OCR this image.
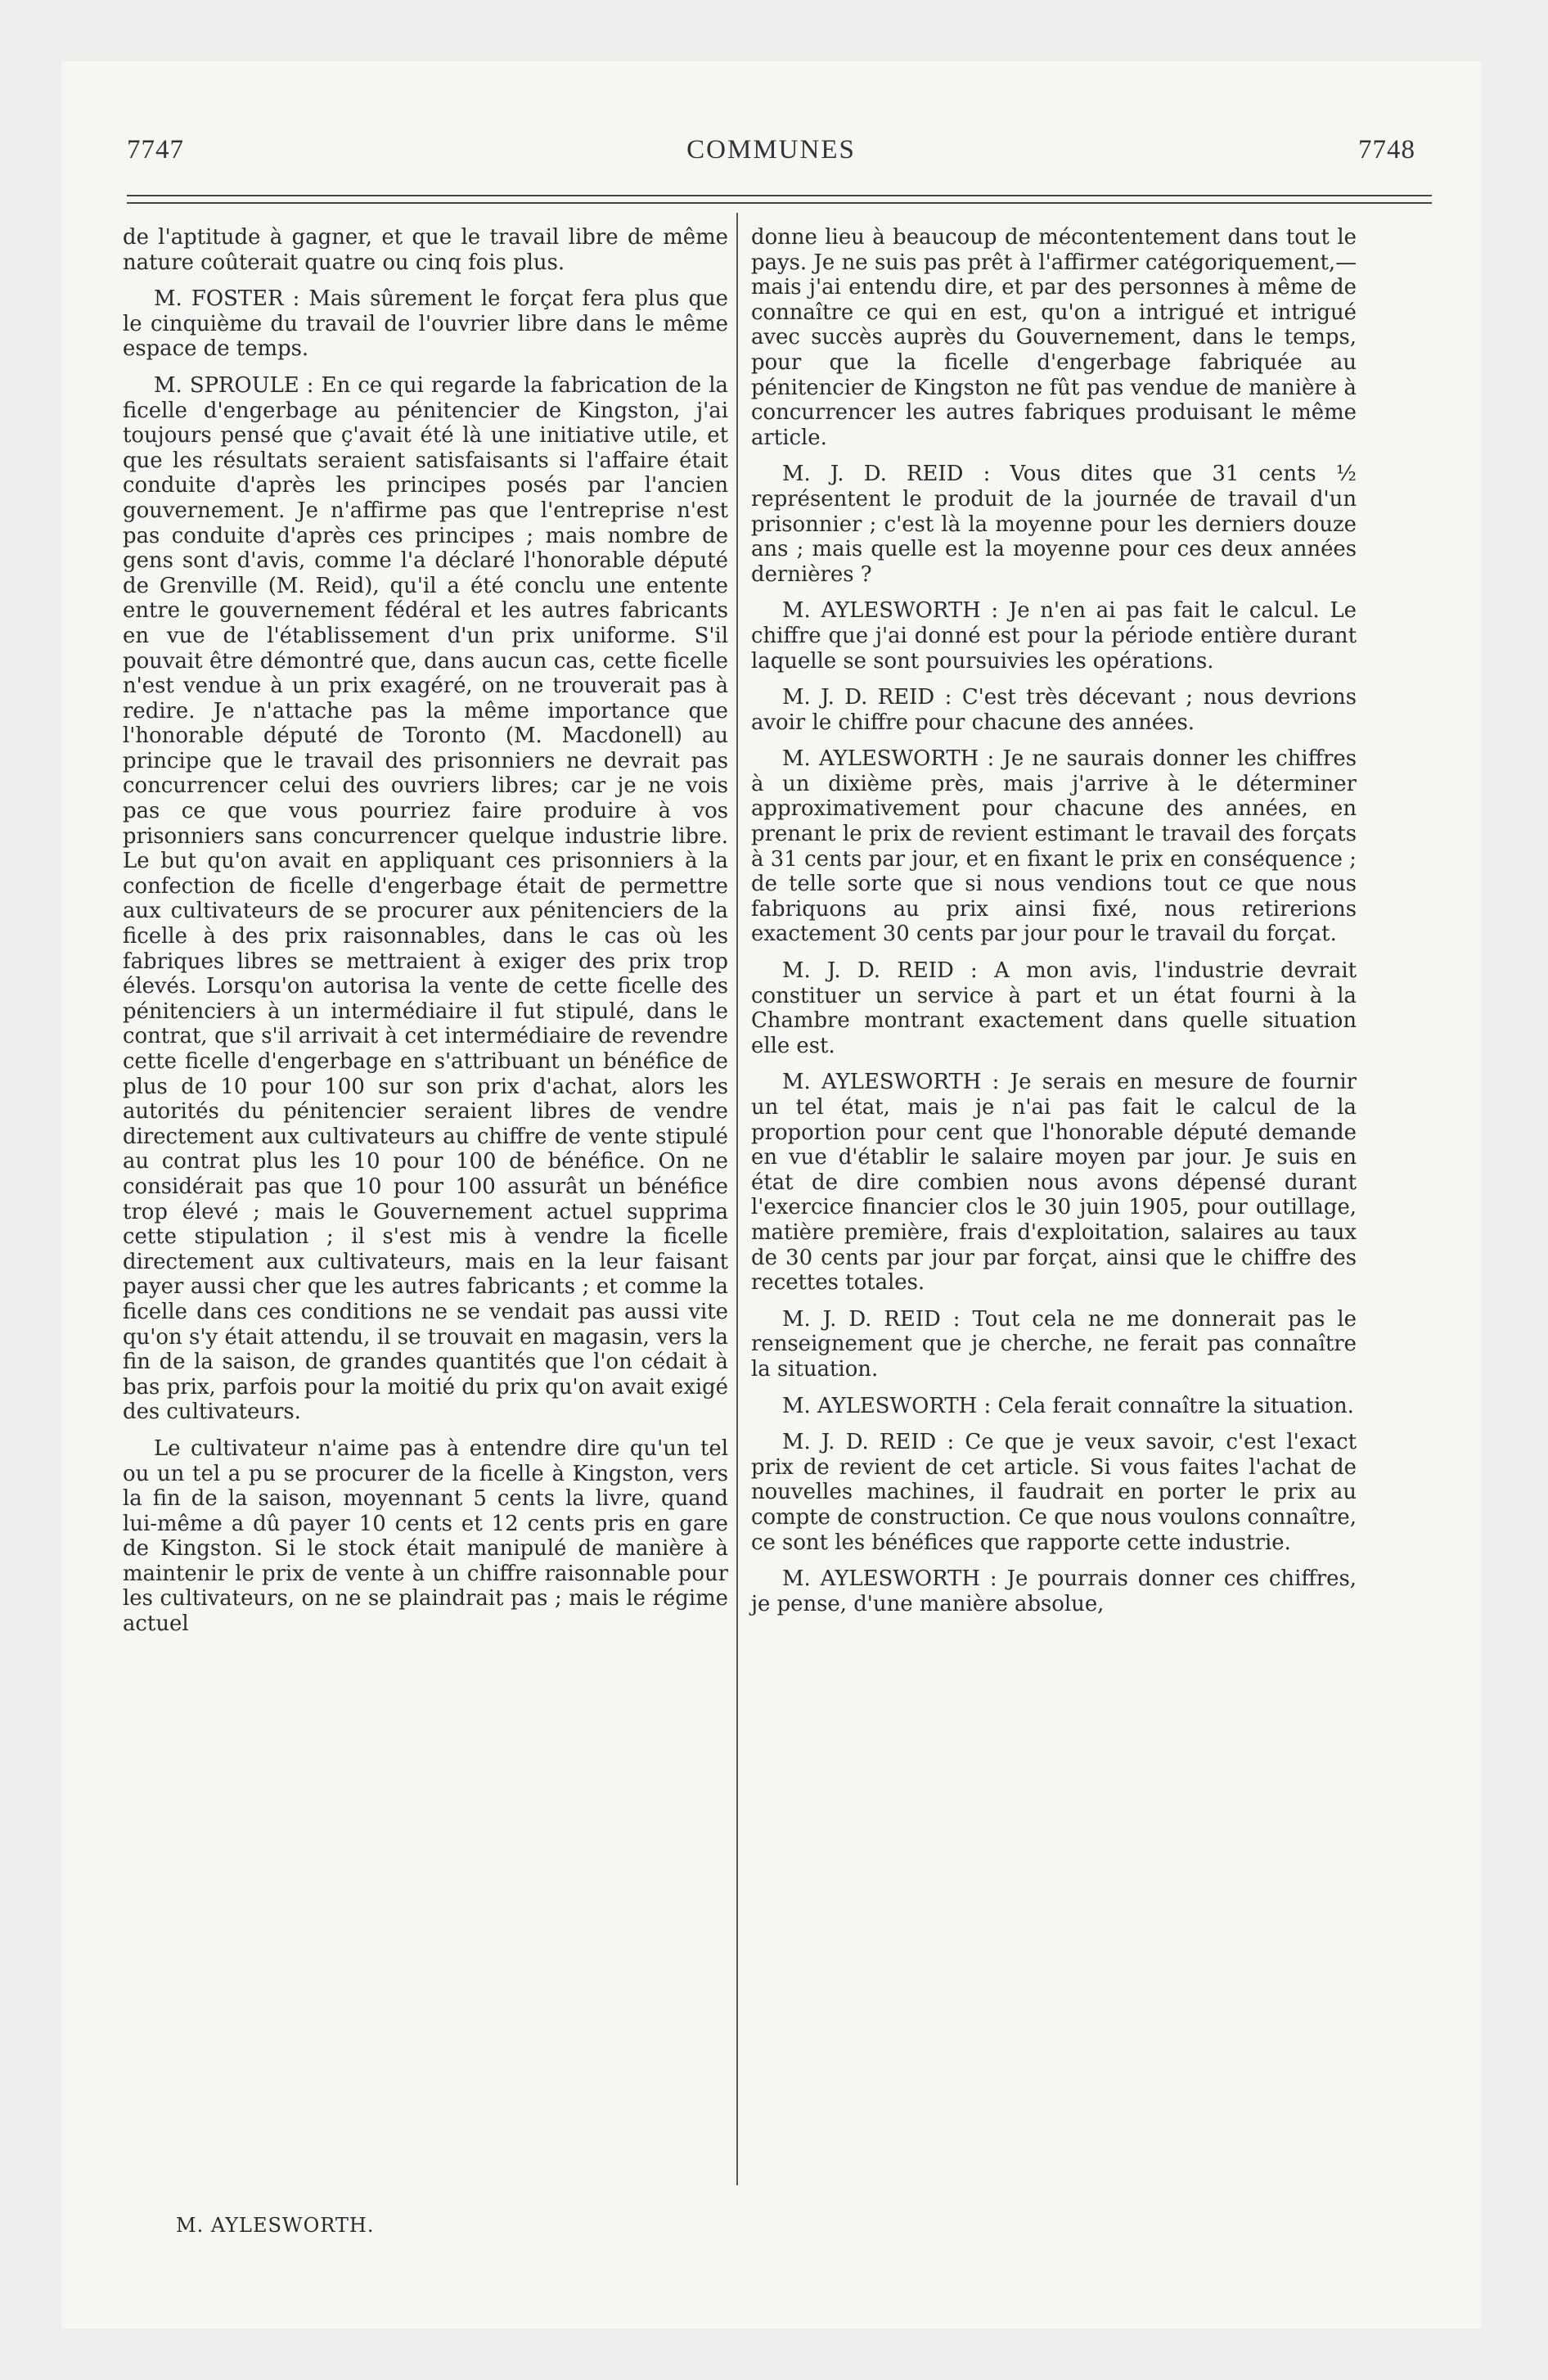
7747	COMMUNES	7748

de l'aptitude à gagner, et que le travail libre de même nature coûterait quatre ou cinq fois plus.

M. FOSTER : Mais sûrement le forçat fera plus que le cinquième du travail de l'ouvrier libre dans le même espace de temps.

M. SPROULE : En ce qui regarde la fabrication de la ficelle d'engerbage au pénitencier de Kingston, j'ai toujours pensé que ç'avait été là une initiative utile, et que les résultats seraient satisfaisants si l'affaire était conduite d'après les principes posés par l'ancien gouvernement. Je n'affirme pas que l'entreprise n'est pas conduite d'après ces principes ; mais nombre de gens sont d'avis, comme l'a déclaré l'honorable député de Grenville (M. Reid), qu'il a été conclu une entente entre le gouvernement fédéral et les autres fabricants en vue de l'établissement d'un prix uniforme. S'il pouvait être démontré que, dans aucun cas, cette ficelle n'est vendue à un prix exagéré, on ne trouverait pas à redire. Je n'attache pas la même importance que l'honorable député de Toronto (M. Macdonell) au principe que le travail des prisonniers ne devrait pas concurrencer celui des ouvriers libres; car je ne vois pas ce que vous pourriez faire produire à vos prisonniers sans concurrencer quelque industrie libre. Le but qu'on avait en appliquant ces prisonniers à la confection de ficelle d'engerbage était de permettre aux cultivateurs de se procurer aux pénitenciers de la ficelle à des prix raisonnables, dans le cas où les fabriques libres se mettraient à exiger des prix trop élevés. Lorsqu'on autorisa la vente de cette ficelle des pénitenciers à un intermédiaire il fut stipulé, dans le contrat, que s'il arrivait à cet intermédiaire de revendre cette ficelle d'engerbage en s'attribuant un bénéfice de plus de 10 pour 100 sur son prix d'achat, alors les autorités du pénitencier seraient libres de vendre directement aux cultivateurs au chiffre de vente stipulé au contrat plus les 10 pour 100 de bénéfice. On ne considérait pas que 10 pour 100 assurât un bénéfice trop élevé ; mais le Gouvernement actuel supprima cette stipulation ; il s'est mis à vendre la ficelle directement aux cultivateurs, mais en la leur faisant payer aussi cher que les autres fabricants ; et comme la ficelle dans ces conditions ne se vendait pas aussi vite qu'on s'y était attendu, il se trouvait en magasin, vers la fin de la saison, de grandes quantités que l'on cédait à bas prix, parfois pour la moitié du prix qu'on avait exigé des cultivateurs.

Le cultivateur n'aime pas à entendre dire qu'un tel ou un tel a pu se procurer de la ficelle à Kingston, vers la fin de la saison, moyennant 5 cents la livre, quand lui-même a dû payer 10 cents et 12 cents pris en gare de Kingston. Si le stock était manipulé de manière à maintenir le prix de vente à un chiffre raisonnable pour les cultivateurs, on ne se plaindrait pas ; mais le régime actuel

donne lieu à beaucoup de mécontentement dans tout le pays. Je ne suis pas prêt à l'affirmer catégoriquement,—mais j'ai entendu dire, et par des personnes à même de connaître ce qui en est, qu'on a intrigué et intrigué avec succès auprès du Gouvernement, dans le temps, pour que la ficelle d'engerbage fabriquée au pénitencier de Kingston ne fût pas vendue de manière à concurrencer les autres fabriques produisant le même article.

M. J. D. REID : Vous dites que 31 cents ½ représentent le produit de la journée de travail d'un prisonnier ; c'est là la moyenne pour les derniers douze ans ; mais quelle est la moyenne pour ces deux années dernières ?

M. AYLESWORTH : Je n'en ai pas fait le calcul. Le chiffre que j'ai donné est pour la période entière durant laquelle se sont poursuivies les opérations.

M. J. D. REID : C'est très décevant ; nous devrions avoir le chiffre pour chacune des années.

M. AYLESWORTH : Je ne saurais donner les chiffres à un dixième près, mais j'arrive à le déterminer approximativement pour chacune des années, en prenant le prix de revient estimant le travail des forçats à 31 cents par jour, et en fixant le prix en conséquence ; de telle sorte que si nous vendions tout ce que nous fabriquons au prix ainsi fixé, nous retirerions exactement 30 cents par jour pour le travail du forçat.

M. J. D. REID : A mon avis, l'industrie devrait constituer un service à part et un état fourni à la Chambre montrant exactement dans quelle situation elle est.

M. AYLESWORTH : Je serais en mesure de fournir un tel état, mais je n'ai pas fait le calcul de la proportion pour cent que l'honorable député demande en vue d'établir le salaire moyen par jour. Je suis en état de dire combien nous avons dépensé durant l'exercice financier clos le 30 juin 1905, pour outillage, matière première, frais d'exploitation, salaires au taux de 30 cents par jour par forçat, ainsi que le chiffre des recettes totales.

M. J. D. REID : Tout cela ne me donnerait pas le renseignement que je cherche, ne ferait pas connaître la situation.

M. AYLESWORTH : Cela ferait connaître la situation.

M. J. D. REID : Ce que je veux savoir, c'est l'exact prix de revient de cet article. Si vous faites l'achat de nouvelles machines, il faudrait en porter le prix au compte de construction. Ce que nous voulons connaître, ce sont les bénéfices que rapporte cette industrie.

M. AYLESWORTH : Je pourrais donner ces chiffres, je pense, d'une manière absolue,

M. AYLESWORTH.
